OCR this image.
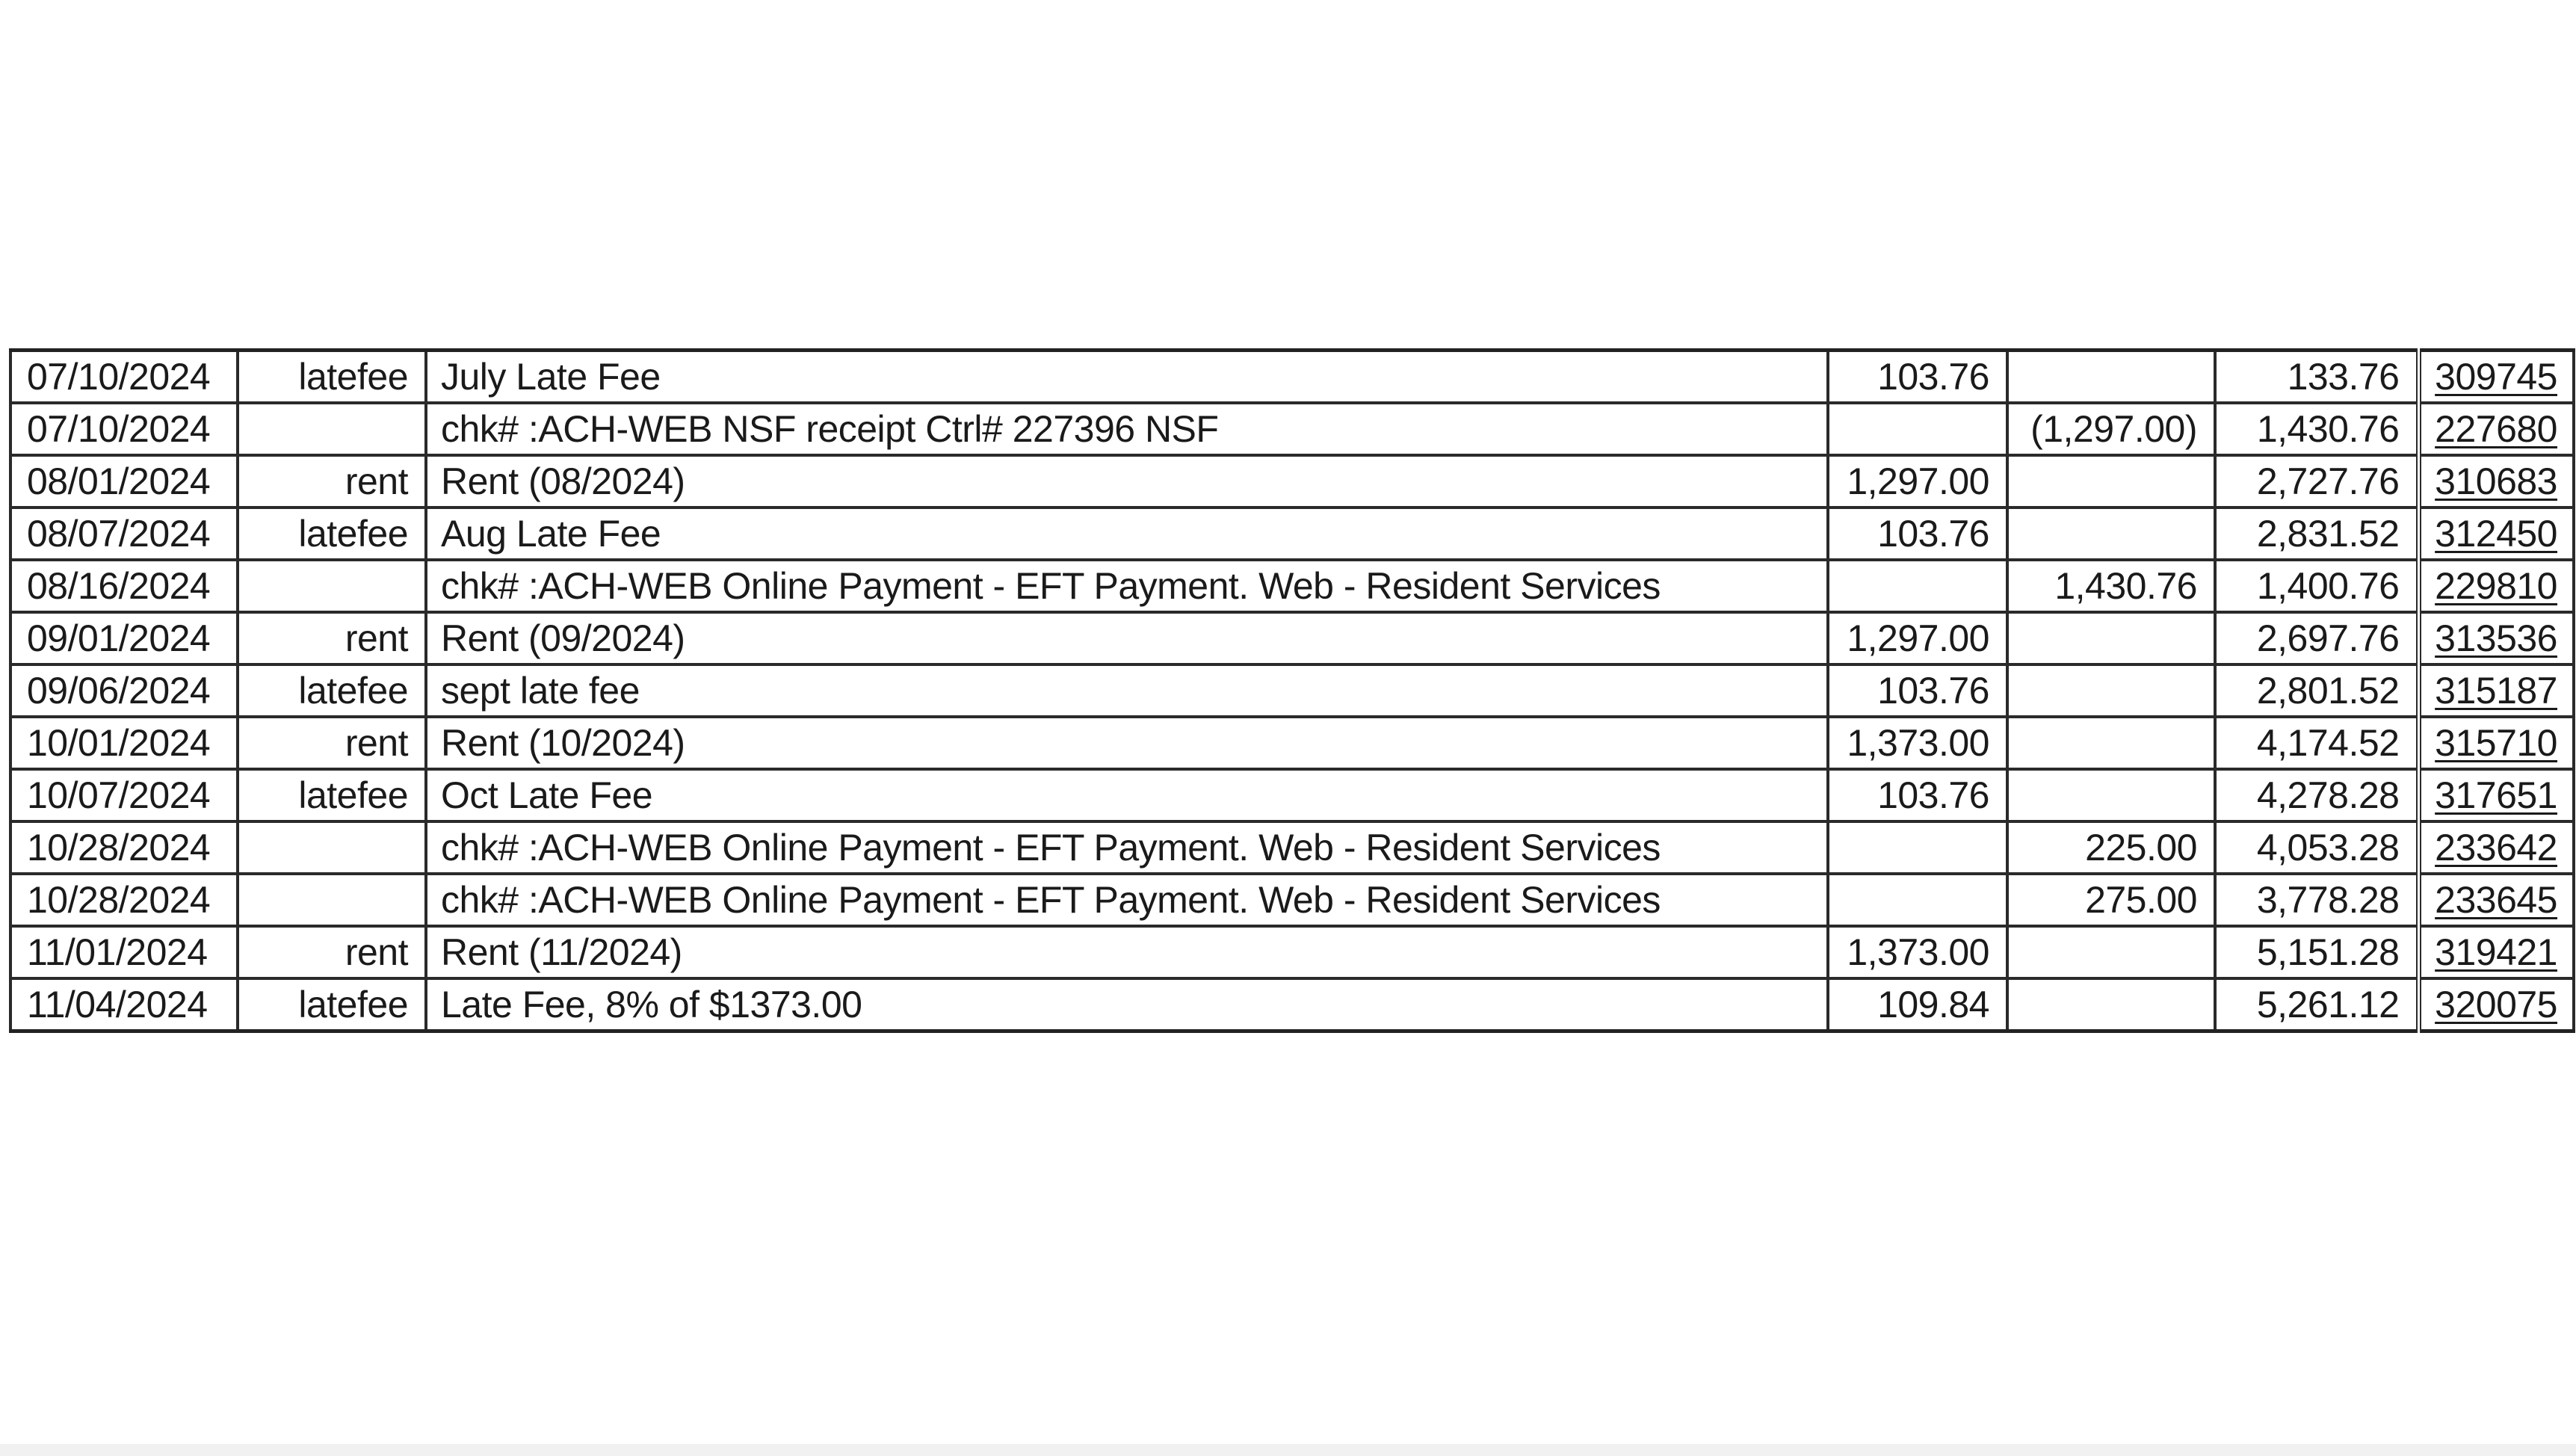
07/10/2024	latefee	July Late Fee	103.76		133.76	309745
07/10/2024		chk# :ACH-WEB NSF receipt Ctrl# 227396 NSF		(1,297.00)	1,430.76	227680
08/01/2024	rent	Rent (08/2024)	1,297.00		2,727.76	310683
08/07/2024	latefee	Aug Late Fee	103.76		2,831.52	312450
08/16/2024		chk# :ACH-WEB Online Payment - EFT Payment. Web - Resident Services		1,430.76	1,400.76	229810
09/01/2024	rent	Rent (09/2024)	1,297.00		2,697.76	313536
09/06/2024	latefee	sept late fee	103.76		2,801.52	315187
10/01/2024	rent	Rent (10/2024)	1,373.00		4,174.52	315710
10/07/2024	latefee	Oct Late Fee	103.76		4,278.28	317651
10/28/2024		chk# :ACH-WEB Online Payment - EFT Payment. Web - Resident Services		225.00	4,053.28	233642
10/28/2024		chk# :ACH-WEB Online Payment - EFT Payment. Web - Resident Services		275.00	3,778.28	233645
11/01/2024	rent	Rent (11/2024)	1,373.00		5,151.28	319421
11/04/2024	latefee	Late Fee, 8% of $1373.00	109.84		5,261.12	320075
